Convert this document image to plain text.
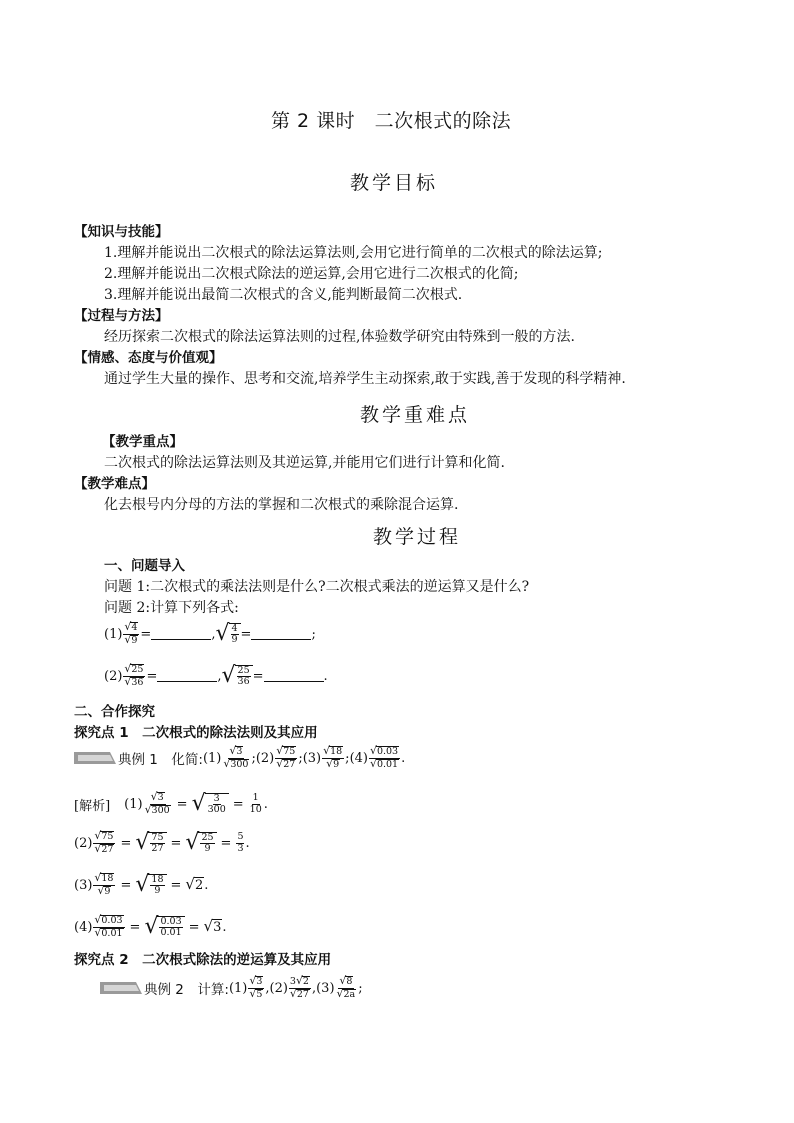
第 2 课时　二次根式的除法
教学目标
【知识与技能】
1.理解并能说出二次根式的除法运算法则,会用它进行简单的二次根式的除法运算;
2.理解并能说出二次根式除法的逆运算,会用它进行二次根式的化简;
3.理解并能说出最简二次根式的含义,能判断最简二次根式.
【过程与方法】
经历探索二次根式的除法运算法则的过程,体验数学研究由特殊到一般的方法.
【情感、态度与价值观】
通过学生大量的操作、思考和交流,培养学生主动探索,敢于实践,善于发现的科学精神.
教学重难点
【教学重点】
二次根式的除法运算法则及其逆运算,并能用它们进行计算和化简.
【教学难点】
化去根号内分母的方法的掌握和二次根式的乘除混合运算.
教学过程
一、问题导入
问题 1:二次根式的乘法法则是什么?二次根式乘法的逆运算又是什么?
问题 2:计算下列各式:
$(1) \frac{√ 4}{√ 9}$ =	, √ $\frac{4}{9}$ =	;
$(2) \frac{√ 25}{√ 36}$ =	, √ $\frac{25}{36}$ =	.
二、合作探究
探究点 1　二次根式的除法法则及其应用
典例 1　化简: $(1) \frac{√ 3}{√ 300}$ ; $(2) \frac{√ 75}{√ 27}$ ; $(3) \frac{√ 18}{√ 9}$ ; $(4) \frac{√ 0.03}{√ 0.01}$ .
[解析] $(1) \frac{√ 3}{√ 300}$ = √ $\frac{3}{300} = \frac{1}{10}$ .
$(2) \frac{√ 75}{√ 27}$ = √ $\frac{75}{27}$ = √ $\frac{25}{9} = \frac{5}{3}$ .
$(3) \frac{√ 18}{√ 9}$ = √ $\frac{18}{9}$ = √ 2 .
$(4) \frac{√ 0.03}{√ 0.01}$ = √ $\frac{0.03}{0.01}$ = √ 3 .
探究点 2　二次根式除法的逆运算及其应用
典例 2　计算: $(1) \frac{√ 3}{√ 5}$ , $(2) \frac{3 √ 2}{√ 27}$ , $(3) \frac{√ 8}{√ 2a}$ ;
